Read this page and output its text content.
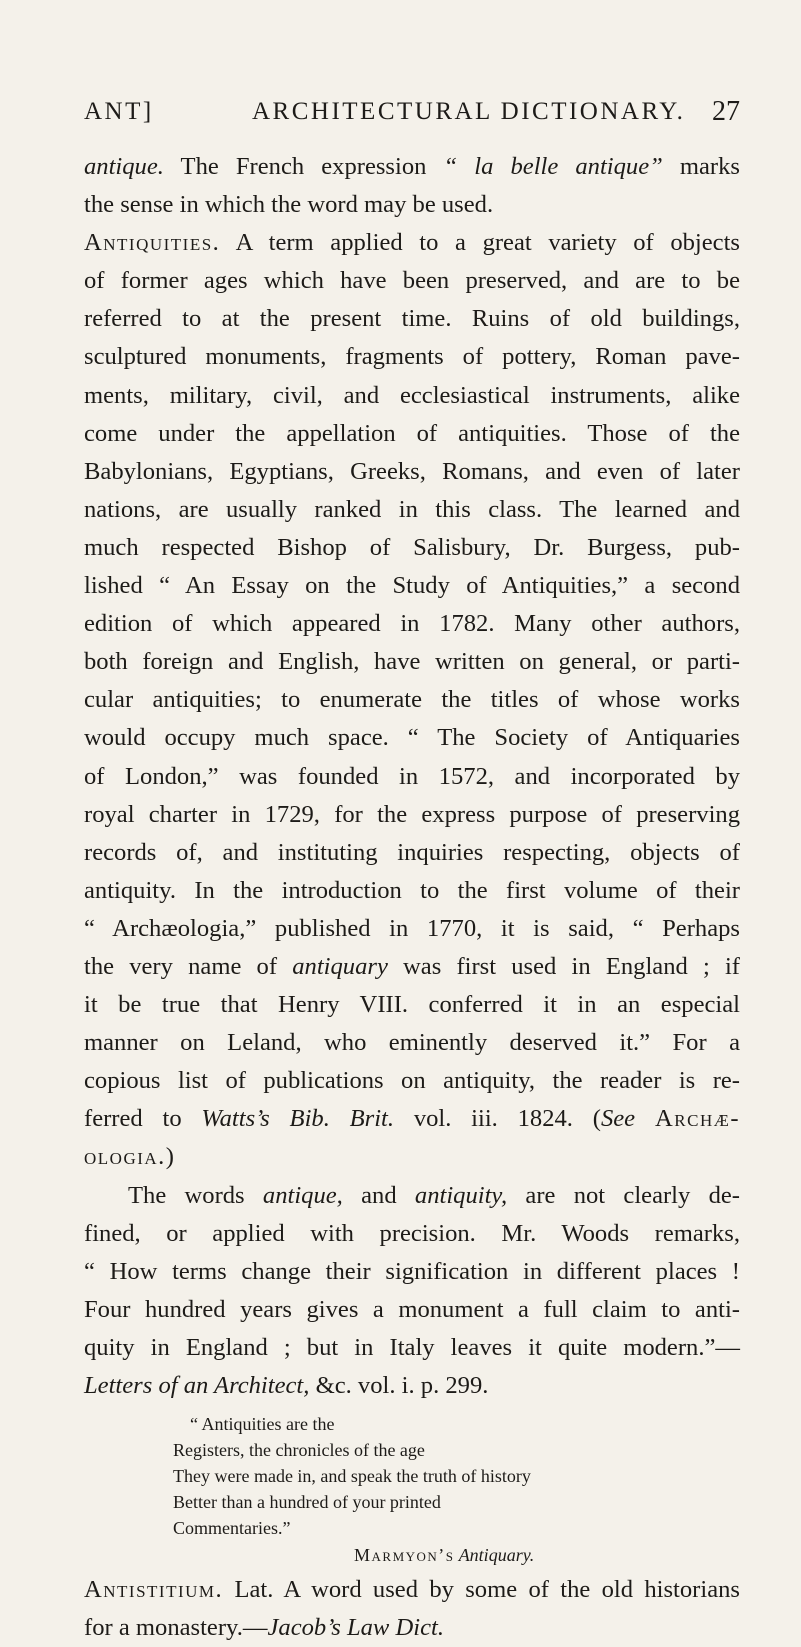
ANT]	ARCHITECTURAL DICTIONARY. 27
antique. The French expression “ la belle antique” marks
the sense in which the word may be used.
Antiquities. A term applied to a great variety of objects
of former ages which have been preserved, and are to be
referred to at the present time. Ruins of old buildings,
sculptured monuments, fragments of pottery, Roman pave-
ments, military, civil, and ecclesiastical instruments, alike
come under the appellation of antiquities. Those of the
Babylonians, Egyptians, Greeks, Romans, and even of later
nations, are usually ranked in this class. The learned and
much respected Bishop of Salisbury, Dr. Burgess, pub-
lished “ An Essay on the Study of Antiquities,” a second
edition of which appeared in 1782. Many other authors,
both foreign and English, have written on general, or parti-
cular antiquities; to enumerate the titles of whose works
would occupy much space. “ The Society of Antiquaries
of London,” was founded in 1572, and incorporated by
royal charter in 1729, for the express purpose of preserving
records of, and instituting inquiries respecting, objects of
antiquity. In the introduction to the first volume of their
“ Archæologia,” published in 1770, it is said, “ Perhaps
the very name of antiquary was first used in England ; if
it be true that Henry VIII. conferred it in an especial
manner on Leland, who eminently deserved it.” For a
copious list of publications on antiquity, the reader is re-
ferred to Watts’s Bib. Brit. vol. iii. 1824. (See Archæ-
ologia.)
The words antique, and antiquity, are not clearly de-
fined, or applied with precision. Mr. Woods remarks,
“ How terms change their signification in different places !
Four hundred years gives a monument a full claim to anti-
quity in England ; but in Italy leaves it quite modern.”—
Letters of an Architect, &c. vol. i. p. 299.
“ Antiquities are the
Registers, the chronicles of the age
They were made in, and speak the truth of history
Better than a hundred of your printed
Commentaries.”
Marmyon’s Antiquary.
Antistitium. Lat. A word used by some of the old historians
for a monastery.—Jacob’s Law Dict.
